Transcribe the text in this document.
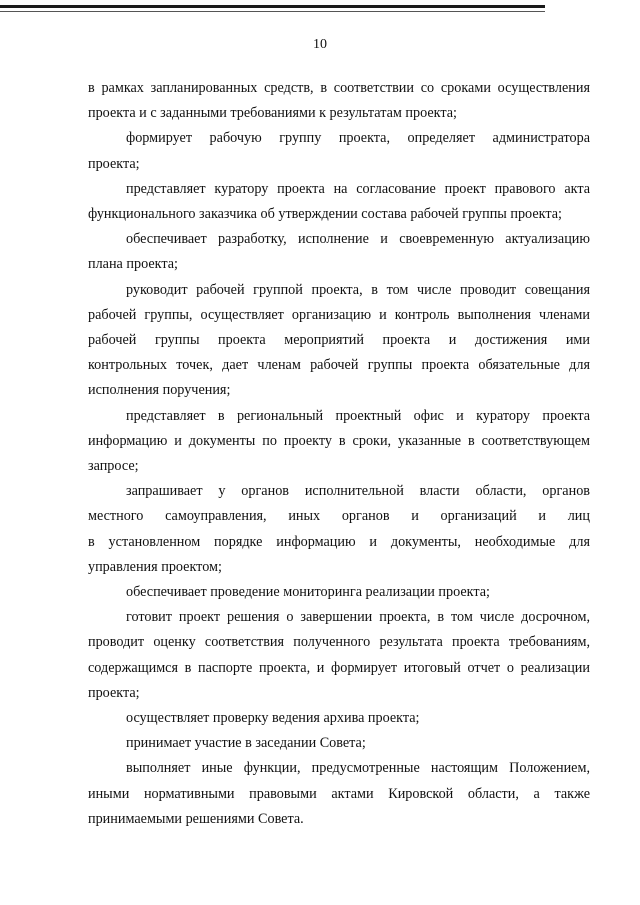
10
в рамках запланированных средств, в соответствии со сроками осуществления
проекта и с заданными требованиями к результатам проекта;
формирует рабочую группу проекта, определяет администратора
проекта;
представляет куратору проекта на согласование проект правового акта
функционального заказчика об утверждении состава рабочей группы проекта;
обеспечивает разработку, исполнение и своевременную актуализацию
плана проекта;
руководит рабочей группой проекта, в том числе проводит совещания
рабочей группы, осуществляет организацию и контроль выполнения членами
рабочей группы проекта мероприятий проекта и достижения ими
контрольных точек, дает членам рабочей группы проекта обязательные для
исполнения поручения;
представляет в региональный проектный офис и куратору проекта
информацию и документы по проекту в сроки, указанные в соответствующем
запросе;
запрашивает у органов исполнительной власти области, органов
местного самоуправления, иных органов и организаций и лиц
в установленном порядке информацию и документы, необходимые для
управления проектом;
обеспечивает проведение мониторинга реализации проекта;
готовит проект решения о завершении проекта, в том числе досрочном,
проводит оценку соответствия полученного результата проекта требованиям,
содержащимся в паспорте проекта, и формирует итоговый отчет о реализации
проекта;
осуществляет проверку ведения архива проекта;
принимает участие в заседании Совета;
выполняет иные функции, предусмотренные настоящим Положением,
иными нормативными правовыми актами Кировской области, а также
принимаемыми решениями Совета.
